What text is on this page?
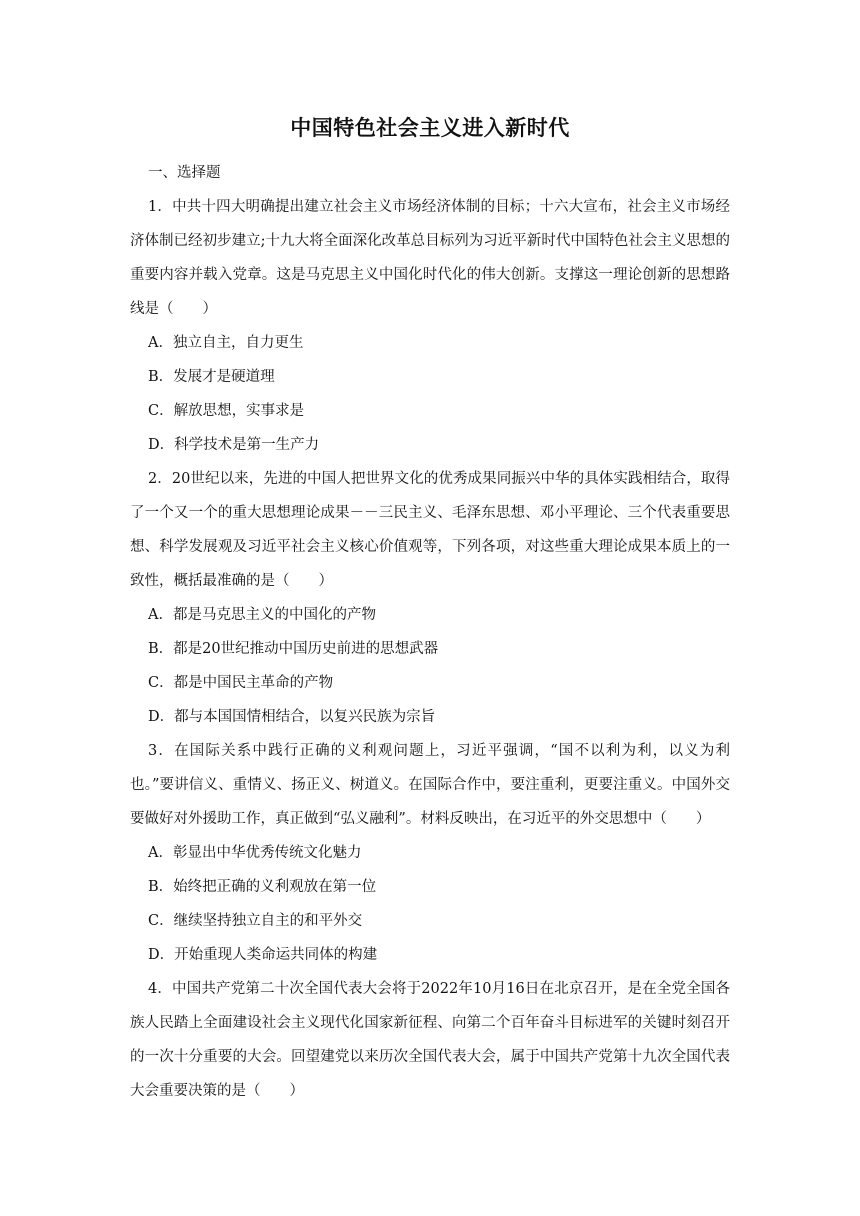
中国特色社会主义进入新时代

一、选择题

1．中共十四大明确提出建立社会主义市场经济体制的目标；十六大宣布，社会主义市场经济体制已经初步建立;十九大将全面深化改革总目标列为习近平新时代中国特色社会主义思想的重要内容并载入党章。这是马克思主义中国化时代化的伟大创新。支撑这一理论创新的思想路线是（　　）

A．独立自主，自力更生

B．发展才是硬道理

C．解放思想，实事求是

D．科学技术是第一生产力

2．20世纪以来，先进的中国人把世界文化的优秀成果同振兴中华的具体实践相结合，取得了一个又一个的重大思想理论成果－－三民主义、毛泽东思想、邓小平理论、三个代表重要思想、科学发展观及习近平社会主义核心价值观等，下列各项，对这些重大理论成果本质上的一致性，概括最准确的是（　　）

A．都是马克思主义的中国化的产物

B．都是20世纪推动中国历史前进的思想武器

C．都是中国民主革命的产物

D．都与本国国情相结合，以复兴民族为宗旨

3．在国际关系中践行正确的义利观问题上，习近平强调，“国不以利为利，以义为利也。”要讲信义、重情义、扬正义、树道义。在国际合作中，要注重利，更要注重义。中国外交要做好对外援助工作，真正做到“弘义融利”。材料反映出，在习近平的外交思想中（　　）

A．彰显出中华优秀传统文化魅力

B．始终把正确的义利观放在第一位

C．继续坚持独立自主的和平外交

D．开始重现人类命运共同体的构建

4．中国共产党第二十次全国代表大会将于2022年10月16日在北京召开，是在全党全国各族人民踏上全面建设社会主义现代化国家新征程、向第二个百年奋斗目标进军的关键时刻召开的一次十分重要的大会。回望建党以来历次全国代表大会，属于中国共产党第十九次全国代表大会重要决策的是（　　）
